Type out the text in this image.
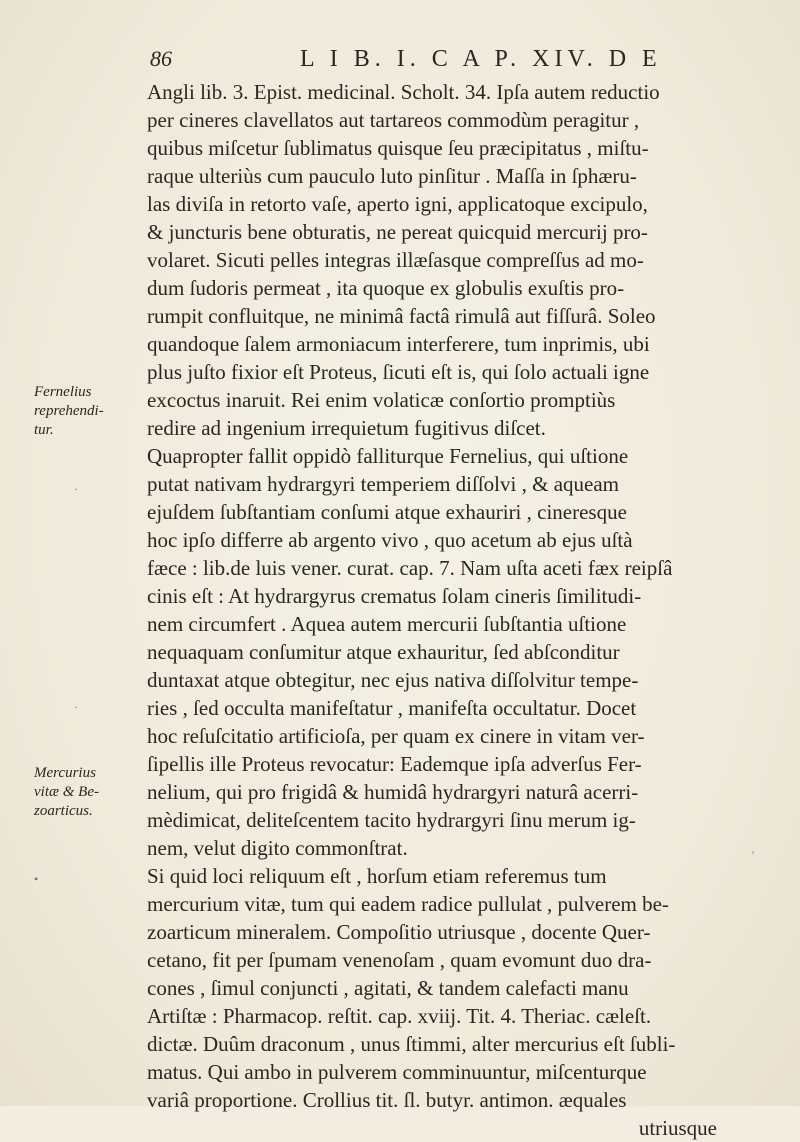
86	L I B. I. C A P. XIV. D E
Fernelius
reprehendi-
tur.
Mercurius
vitæ & Be-
zoarticus.
Angli lib. 3. Epist. medicinal. Scholt. 34. Ipſa autem reductio
per cineres clavellatos aut tartareos commodùm peragitur ,
quibus miſcetur ſublimatus quisque ſeu præcipitatus , miſtu-
raque ulteriùs cum pauculo luto pinſitur . Maſſa in ſphæru-
las diviſa in retorto vaſe, aperto igni, applicatoque excipulo,
& juncturis bene obturatis, ne pereat quicquid mercurij pro-
volaret. Sicuti pelles integras illæſasque compreſſus ad mo-
dum ſudoris permeat , ita quoque ex globulis exuſtis pro-
rumpit confluitque, ne minimâ factâ rimulâ aut fiſſurâ. Soleo
quandoque ſalem armoniacum interferere, tum inprimis, ubi
plus juſto fixior eſt Proteus, ſicuti eſt is, qui ſolo actuali igne
excoctus inaruit. Rei enim volaticæ conſortio promptiùs
redire ad ingenium irrequietum fugitivus diſcet.
Quapropter fallit oppidò falliturque Fernelius, qui uſtione
putat nativam hydrargyri temperiem diſſolvi , & aqueam
ejuſdem ſubſtantiam conſumi atque exhauriri , cineresque
hoc ipſo differre ab argento vivo , quo acetum ab ejus uſtà
fæce : lib.de luis vener. curat. cap. 7. Nam uſta aceti fæx reipſâ
cinis eſt : At hydrargyrus crematus ſolam cineris ſimilitudi-
nem circumfert . Aquea autem mercurii ſubſtantia uſtione
nequaquam conſumitur atque exhauritur, ſed abſconditur
duntaxat atque obtegitur, nec ejus nativa diſſolvitur tempe-
ries , ſed occulta manifeſtatur , manifeſta occultatur. Docet
hoc reſuſcitatio artificioſa, per quam ex cinere in vitam ver-
ſipellis ille Proteus revocatur: Eademque ipſa adverſus Fer-
nelium, qui pro frigidâ & humidâ hydrargyri naturâ acerri-
mèdimicat, deliteſcentem tacito hydrargyri ſinu merum ig-
nem, velut digito commonſtrat.
Si quid loci reliquum eſt , horſum etiam referemus tum
mercurium vitæ, tum qui eadem radice pullulat , pulverem be-
zoarticum mineralem. Compoſitio utriusque , docente Quer-
cetano, fit per ſpumam venenoſam , quam evomunt duo dra-
cones , ſimul conjuncti , agitati, & tandem calefacti manu
Artiſtæ : Pharmacop. reſtit. cap. xviij. Tit. 4. Theriac. cæleſt.
dictæ. Duûm draconum , unus ſtimmi, alter mercurius eſt ſubli-
matus. Qui ambo in pulverem comminuuntur, miſcenturque
variâ proportione. Crollius tit. ſl. butyr. antimon. æquales
utriusque
·
·
•
'
